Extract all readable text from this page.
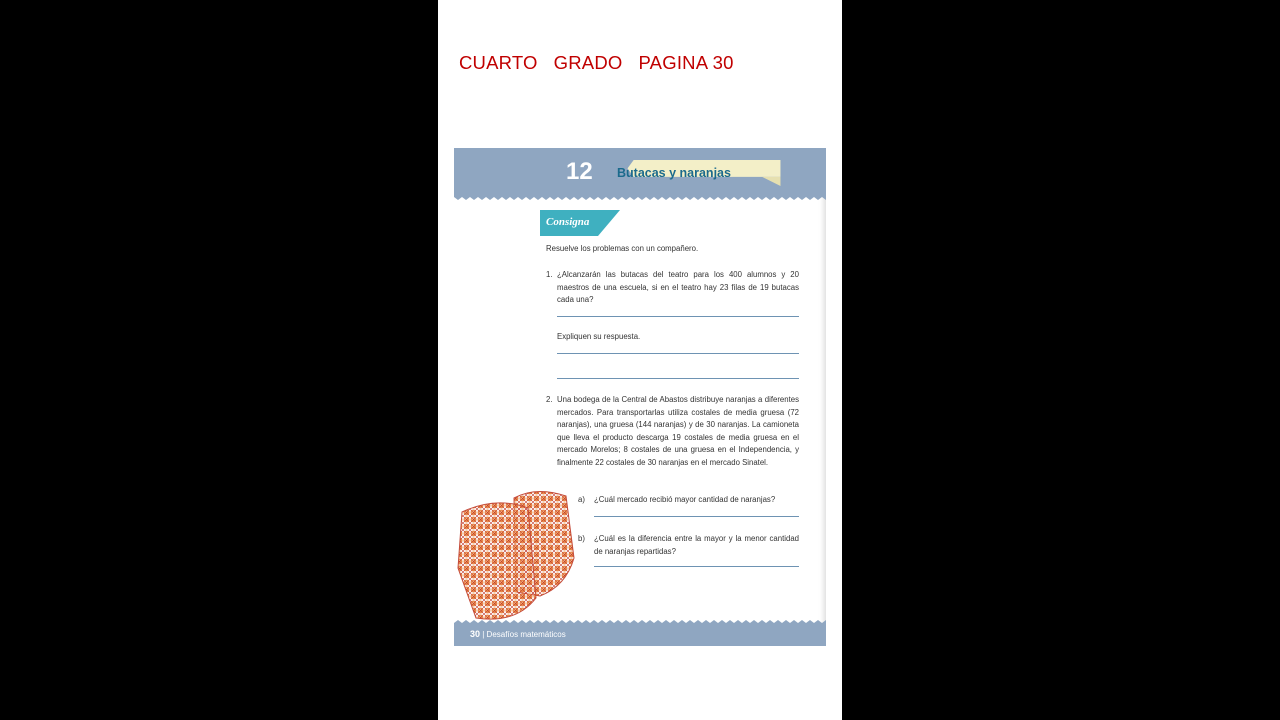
CUARTO   GRADO   PAGINA 30
12 Butacas y naranjas
Consigna
Resuelve los problemas con un compañero.
1. ¿Alcanzarán las butacas del teatro para los 400 alumnos y 20 maestros de una escuela, si en el teatro hay 23 filas de 19 butacas cada una?
Expliquen su respuesta.
2. Una bodega de la Central de Abastos distribuye naranjas a diferentes mercados. Para transportarlas utiliza costales de media gruesa (72 naranjas), una gruesa (144 naranjas) y de 30 naranjas. La camioneta que lleva el producto descarga 19 costales de media gruesa en el mercado Morelos; 8 costales de una gruesa en el Independencia, y finalmente 22 costales de 30 naranjas en el mercado Sinatel.
a) ¿Cuál mercado recibió mayor cantidad de naranjas?
b) ¿Cuál es la diferencia entre la mayor y la menor cantidad de naranjas repartidas?
30 | Desafíos matemáticos
